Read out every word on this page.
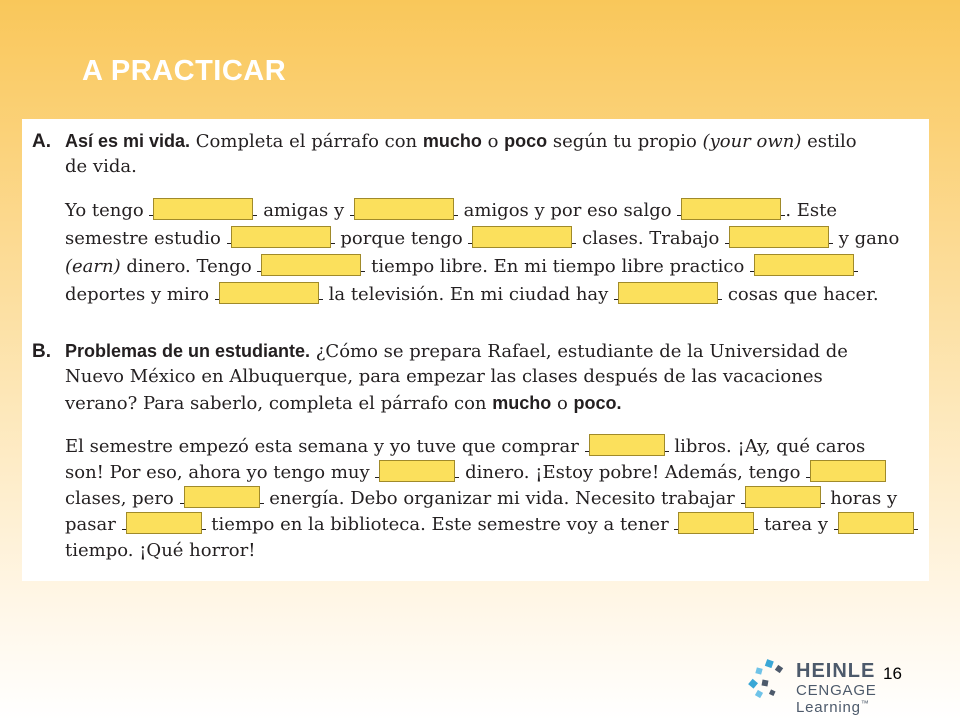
A PRACTICAR
A. Así es mi vida. Completa el párrafo con mucho o poco según tu propio (your own) estilo
de vida.
Yo tengo	amigas y	amigos y por eso salgo	. Este
semestre estudio	porque tengo	clases. Trabajo	y gano
(earn) dinero. Tengo	tiempo libre. En mi tiempo libre practico
deportes y miro	la televisión. En mi ciudad hay	cosas que hacer.
B. Problemas de un estudiante. ¿Cómo se prepara Rafael, estudiante de la Universidad de
Nuevo México en Albuquerque, para empezar las clases después de las vacaciones
verano? Para saberlo, completa el párrafo con mucho o poco.
El semestre empezó esta semana y yo tuve que comprar	libros. ¡Ay, qué caros
son! Por eso, ahora yo tengo muy	dinero. ¡Estoy pobre! Además, tengo
clases, pero	energía. Debo organizar mi vida. Necesito trabajar	horas y
pasar	tiempo en la biblioteca. Este semestre voy a tener	tarea y
tiempo. ¡Qué horror!
HEINLE
CENGAGE Learning™
16
